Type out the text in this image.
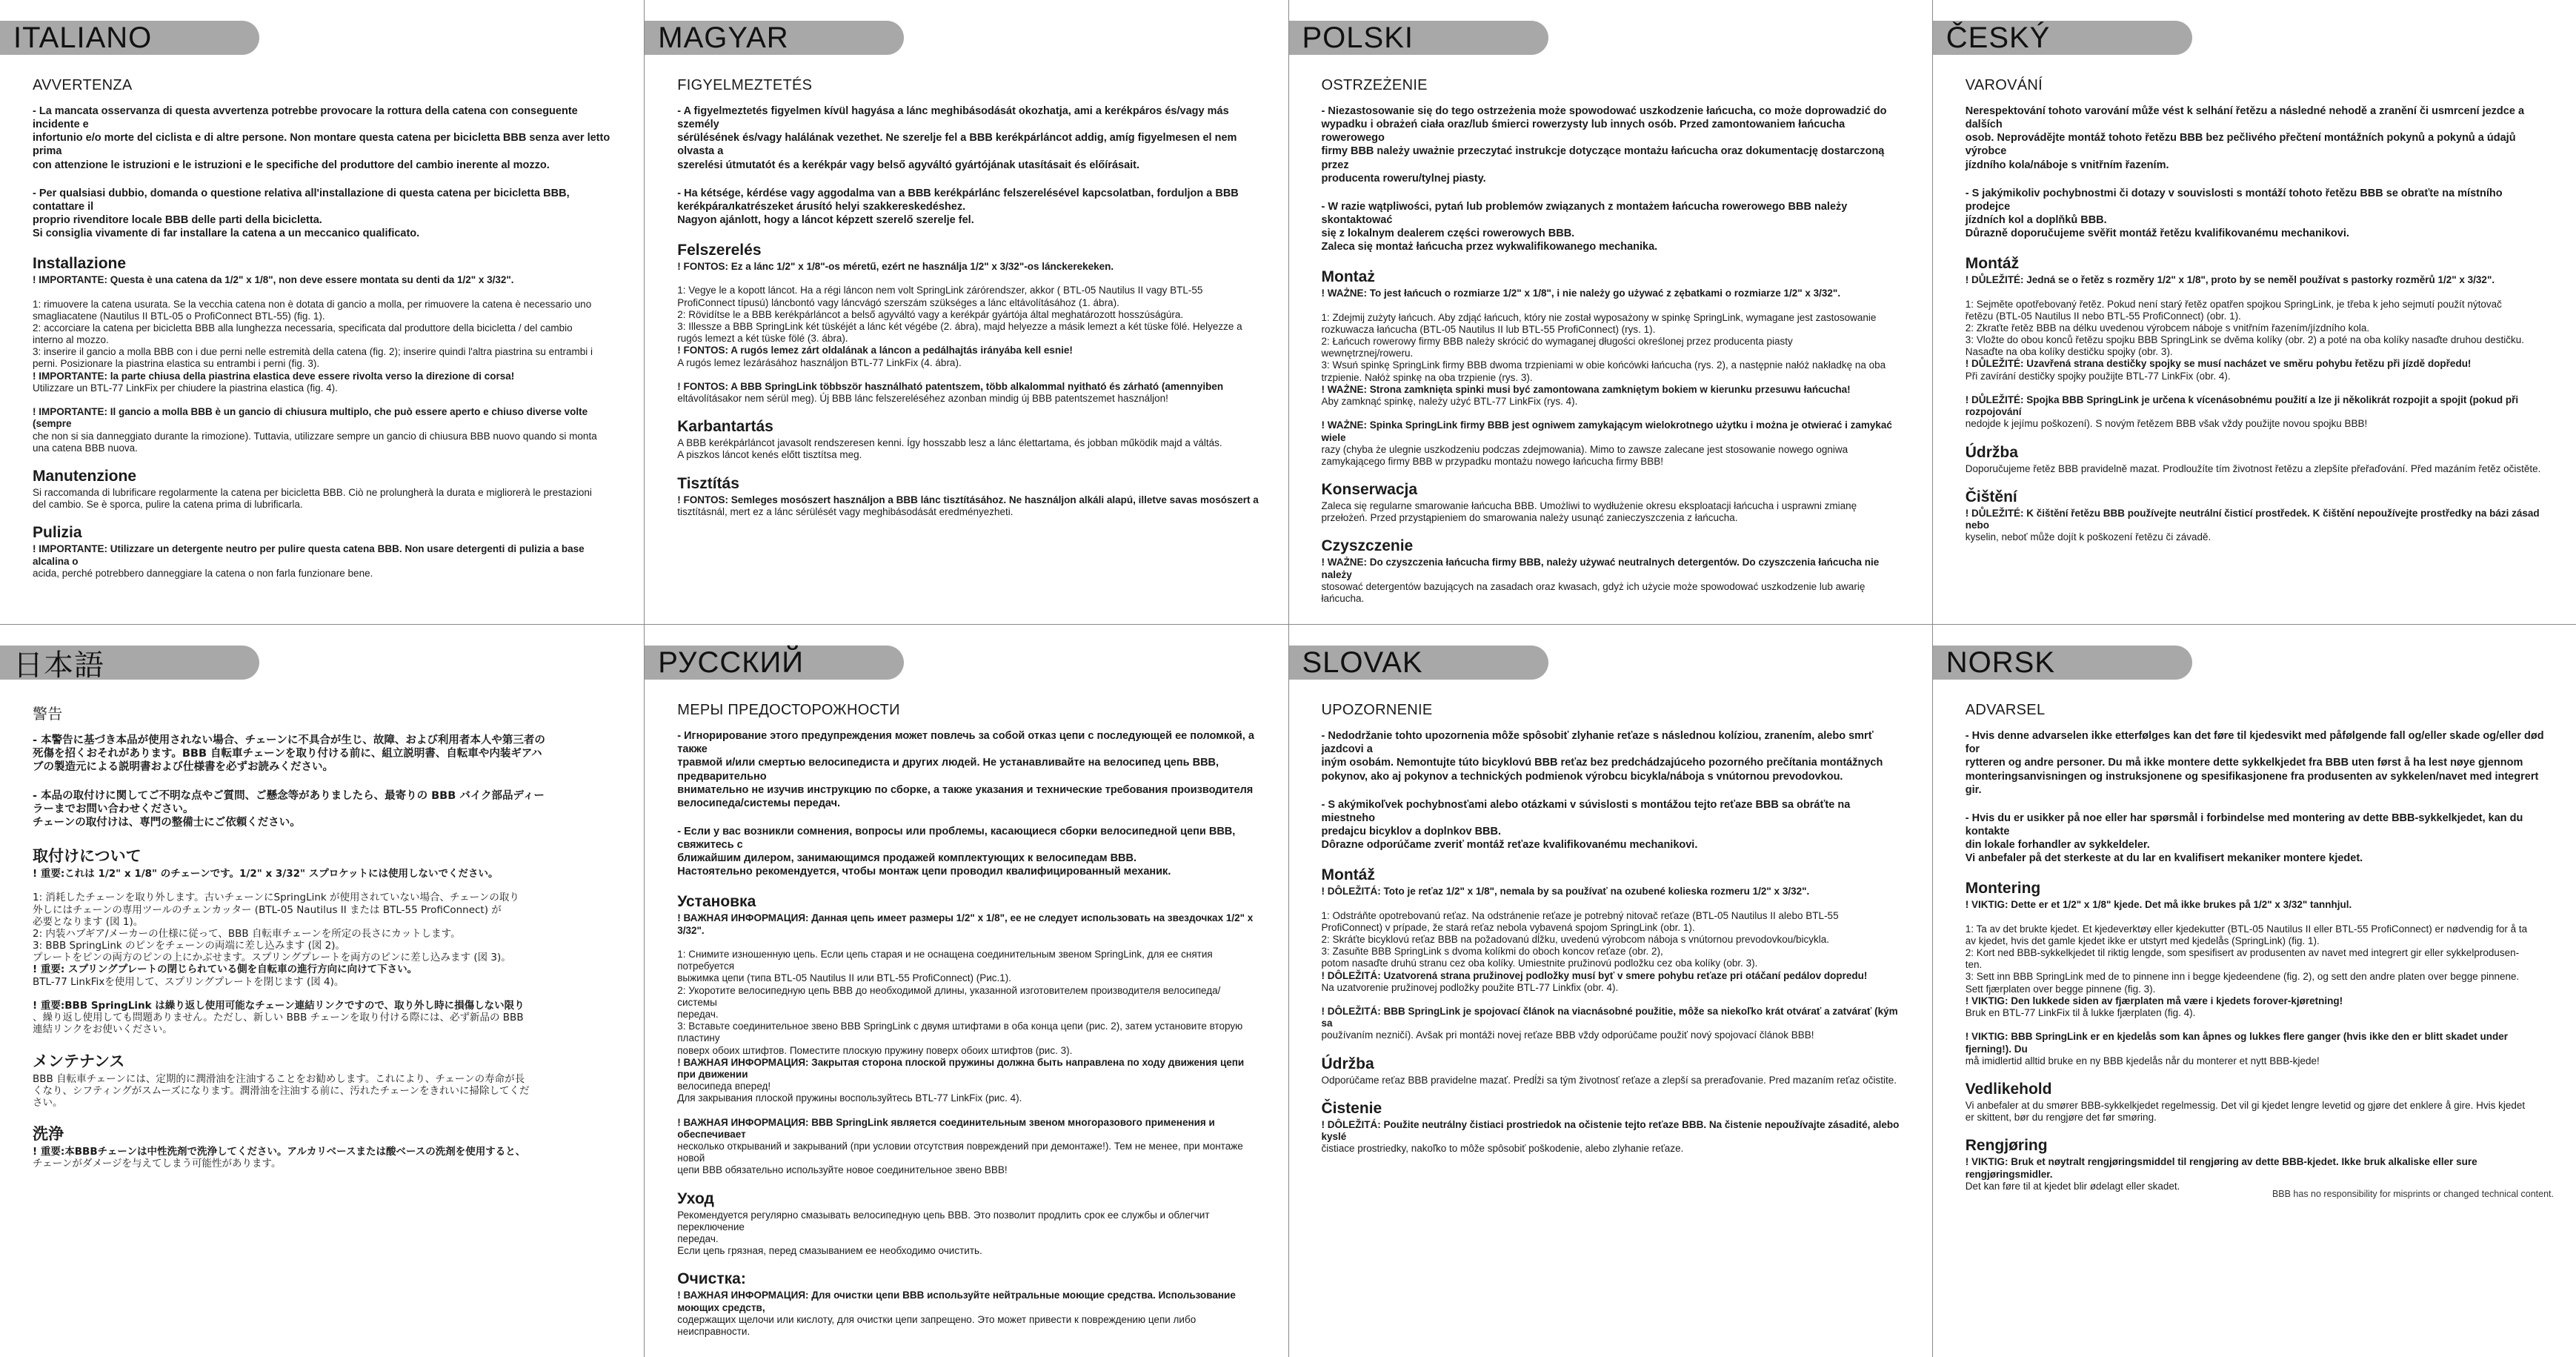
ITALIANO
AVVERTENZA
- La mancata osservanza di questa avvertenza potrebbe provocare la rottura della catena con conseguente incidente e
infortunio e/o morte del ciclista e di altre persone. Non montare questa catena per bicicletta BBB senza aver letto prima
con attenzione le istruzioni e le istruzioni e le specifiche del produttore del cambio inerente al mozzo.
- Per qualsiasi dubbio, domanda o questione relativa all'installazione di questa catena per bicicletta BBB, contattare il
proprio rivenditore locale BBB delle parti della bicicletta.
Si consiglia vivamente di far installare la catena a un meccanico qualificato.
Installazione
! IMPORTANTE: Questa è una catena da 1/2" x 1/8", non deve essere montata su denti da 1/2" x 3/32".

1: rimuovere la catena usurata. Se la vecchia catena non è dotata di gancio a molla, per rimuovere la catena è necessario uno
smagliacatene (Nautilus II BTL-05 o ProfiConnect BTL-55) (fig. 1).
2: accorciare la catena per bicicletta BBB alla lunghezza necessaria, specificata dal produttore della bicicletta / del cambio
interno al mozzo.
3: inserire il gancio a molla BBB con i due perni nelle estremità della catena (fig. 2); inserire quindi l'altra piastrina su entrambi i
perni. Posizionare la piastrina elastica su entrambi i perni (fig. 3).
! IMPORTANTE: la parte chiusa della piastrina elastica deve essere rivolta verso la direzione di corsa!
Utilizzare un BTL-77 LinkFix per chiudere la piastrina elastica (fig. 4).

! IMPORTANTE: Il gancio a molla BBB è un gancio di chiusura multiplo, che può essere aperto e chiuso diverse volte (sempre
che non si sia danneggiato durante la rimozione). Tuttavia, utilizzare sempre un gancio di chiusura BBB nuovo quando si monta
una catena BBB nuova.
Manutenzione
Si raccomanda di lubrificare regolarmente la catena per bicicletta BBB. Ciò ne prolungherà la durata e migliorerà le prestazioni
del cambio. Se è sporca, pulire la catena prima di lubrificarla.
Pulizia
! IMPORTANTE: Utilizzare un detergente neutro per pulire questa catena BBB. Non usare detergenti di pulizia a base alcalina o
acida, perché potrebbero danneggiare la catena o non farla funzionare bene.
MAGYAR
FIGYELMEZTETÉS
- A figyelmeztetés figyelmen kívül hagyása a lánc meghibásodását okozhatja, ami a kerékpáros és/vagy más személy
sérülésének és/vagy halálának vezethet. Ne szerelje fel a BBB kerékpárláncot addig, amíg figyelmesen el nem olvasta a
szerelési útmutatót és a kerékpár vagy belső agyváltó gyártójának utasításait és előírásait.
- Ha kétsége, kérdése vagy aggodalma van a BBB kerékpárlánc felszerelésével kapcsolatban, forduljon a BBB
kerékpárалkatrészeket árusító helyi szakkereskedéshez.
Nagyon ajánlott, hogy a láncot képzett szerelő szerelje fel.
Felszerelés
! FONTOS: Ez a lánc 1/2" x 1/8"-os méretű, ezért ne használja 1/2" x 3/32"-os lánckerekeken.

1: Vegye le a kopott láncot. Ha a régi láncon nem volt SpringLink zárórendszer, akkor ( BTL-05 Nautilus II vagy BTL-55
ProfiConnect típusú) láncbontó vagy láncvágó szerszám szükséges a lánc eltávolításához (1. ábra).
2: Rövidítse le a BBB kerékpárláncot a belső agyváltó vagy a kerékpár gyártója által meghatározott hosszúságúra.
3: Illessze a BBB SpringLink két tüskéjét a lánc két végébe (2. ábra), majd helyezze a másik lemezt a két tüske fölé. Helyezze a
rugós lemezt a két tüske fölé (3. ábra).
! FONTOS: A rugós lemez zárt oldalának a láncon a pedálhajtás irányába kell esnie!
A rugós lemez lezárásához használjon BTL-77 LinkFix (4. ábra).

! FONTOS: A BBB SpringLink többször használható patentszem, több alkalommal nyitható és zárható (amennyiben
eltávolításakor nem sérül meg). Új BBB lánc felszereléséhez azonban mindig új BBB patentszemet használjon!
Karbantartás
A BBB kerékpárláncot javasolt rendszeresen kenni. Így hosszabb lesz a lánc élettartama, és jobban működik majd a váltás.
A piszkos láncot kenés előtt tisztítsa meg.
Tisztítás
! FONTOS: Semleges mosószert használjon a BBB lánc tisztításához. Ne használjon alkáli alapú, illetve savas mosószert a
tisztításnál, mert ez a lánc sérülését vagy meghibásodását eredményezheti.
POLSKI
OSTRZEŻENIE
- Niezastosowanie się do tego ostrzeżenia może spowodować uszkodzenie łańcucha, co może doprowadzić do
wypadku i obrażeń ciała oraz/lub śmierci rowerzysty lub innych osób. Przed zamontowaniem łańcucha rowerowego
firmy BBB należy uważnie przeczytać instrukcje dotyczące montażu łańcucha oraz dokumentację dostarczoną przez
producenta roweru/tylnej piasty.
- W razie wątpliwości, pytań lub problemów związanych z montażem łańcucha rowerowego BBB należy skontaktować
się z lokalnym dealerem części rowerowych BBB.
Zaleca się montaż łańcucha przez wykwalifikowanego mechanika.
Montaż
! WAŻNE: To jest łańcuch o rozmiarze 1/2" x 1/8", i nie należy go używać z zębatkami o rozmiarze 1/2" x 3/32".

1: Zdejmij zużyty łańcuch. Aby zdjąć łańcuch, który nie został wyposażony w spinkę SpringLink, wymagane jest zastosowanie
rozkuwacza łańcucha (BTL-05 Nautilus II lub BTL-55 ProfiConnect) (rys. 1).
2: Łańcuch rowerowy firmy BBB należy skrócić do wymaganej długości określonej przez producenta piasty
wewnętrznej/roweru.
3: Wsuń spinkę SpringLink firmy BBB dwoma trzpieniami w obie końcówki łańcucha (rys. 2), a następnie nałóż nakładkę na oba
trzpienie. Nałóż spinkę na oba trzpienie (rys. 3).
! WAŻNE: Strona zamknięta spinki musi być zamontowana zamkniętym bokiem w kierunku przesuwu łańcucha!
Aby zamknąć spinkę, należy użyć BTL-77 LinkFix (rys. 4).

! WAŻNE: Spinka SpringLink firmy BBB jest ogniwem zamykającym wielokrotnego użytku i można je otwierać i zamykać wiele
razy (chyba że ulegnie uszkodzeniu podczas zdejmowania). Mimo to zawsze zalecane jest stosowanie nowego ogniwa
zamykającego firmy BBB w przypadku montażu nowego łańcucha firmy BBB!
Konserwacja
Zaleca się regularne smarowanie łańcucha BBB. Umożliwi to wydłużenie okresu eksploatacji łańcucha i usprawni zmianę
przełożeń. Przed przystąpieniem do smarowania należy usunąć zanieczyszczenia z łańcucha.
Czyszczenie
! WAŻNE: Do czyszczenia łańcucha firmy BBB, należy używać neutralnych detergentów. Do czyszczenia łańcucha nie należy
stosować detergentów bazujących na zasadach oraz kwasach, gdyż ich użycie może spowodować uszkodzenie lub awarię
łańcucha.
ČESKÝ
VAROVÁNÍ
Nerespektování tohoto varování může vést k selhání řetězu a následné nehodě a zranění či usmrcení jezdce a dalších
osob. Neprovádějte montáž tohoto řetězu BBB bez pečlivého přečtení montážních pokynů a pokynů a údajů výrobce
jízdního kola/náboje s vnitřním řazením.
- S jakýmikoliv pochybnostmi či dotazy v souvislosti s montáží tohoto řetězu BBB se obraťte na místního prodejce
jízdních kol a doplňků BBB.
Důrazně doporučujeme svěřit montáž řetězu kvalifikovanému mechanikovi.
Montáž
! DŮLEŽITÉ: Jedná se o řetěz s rozměry 1/2" x 1/8", proto by se neměl používat s pastorky rozměrů 1/2" x 3/32".

1: Sejměte opotřebovaný řetěz. Pokud není starý řetěz opatřen spojkou SpringLink, je třeba k jeho sejmutí použít nýtovač
řetězu (BTL-05 Nautilus II nebo BTL-55 ProfiConnect) (obr. 1).
2: Zkraťte řetěz BBB na délku uvedenou výrobcem náboje s vnitřním řazením/jízdního kola.
3: Vložte do obou konců řetězu spojku BBB SpringLink se dvěma kolíky (obr. 2) a poté na oba kolíky nasaďte druhou destičku.
Nasaďte na oba kolíky destičku spojky (obr. 3).
! DŮLEŽITÉ: Uzavřená strana destičky spojky se musí nacházet ve směru pohybu řetězu při jízdě dopředu!
Při zavírání destičky spojky použijte BTL-77 LinkFix (obr. 4).

! DŮLEŽITÉ: Spojka BBB SpringLink je určena k vícenásobnému použití a lze ji několikrát rozpojit a spojit (pokud při rozpojování
nedojde k jejímu poškození). S novým řetězem BBB však vždy použijte novou spojku BBB!
Údržba
Doporučujeme řetěz BBB pravidelně mazat. Prodloužíte tím životnost řetězu a zlepšíte přeřaďování. Před mazáním řetěz očistěte.
Čištění
! DŮLEŽITÉ: K čištění řetězu BBB používejte neutrální čisticí prostředek. K čištění nepoužívejte prostředky na bázi zásad nebo
kyselin, neboť může dojít k poškození řetězu či závadě.
日本語
警告
- 本警告に基づき本品が使用されない場合、チェーンに不具合が生じ、故障、および利用者本人や第三者の
死傷を招くおそれがあります。BBB 自転車チェーンを取り付ける前に、組立説明書、自転車や内装ギアハ
ブの製造元による説明書および仕様書を必ずお読みください。
- 本品の取付けに関してご不明な点やご質問、ご懸念等がありましたら、最寄りの BBB バイク部品ディー
ラーまでお問い合わせください。
チェーンの取付けは、専門の整備士にご依頼ください。
取付けについて
! 重要:これは 1/2" x 1/8" のチェーンです。1/2" x 3/32" スプロケットには使用しないでください。

1: 消耗したチェーンを取り外します。古いチェーンにSpringLink が使用されていない場合、チェーンの取り
外しにはチェーンの専用ツールのチェンカッター (BTL-05 Nautilus II または BTL-55 ProfiConnect) が
必要となります (図 1)。
2: 内装ハブギア/メーカーの仕様に従って、BBB 自転車チェーンを所定の長さにカットします。
3: BBB SpringLink のピンをチェーンの両端に差し込みます (図 2)。
プレートをピンの両方のピンの上にかぶせます。スプリングプレートを両方のピンに差し込みます (図 3)。
! 重要: スプリングプレートの閉じられている側を自転車の進行方向に向けて下さい。
BTL-77 LinkFixを使用して、スプリングプレートを閉じます (図 4)。

! 重要:BBB SpringLink は繰り返し使用可能なチェーン連結リンクですので、取り外し時に損傷しない限り
、繰り返し使用しても問題ありません。ただし、新しい BBB チェーンを取り付ける際には、必ず新品の BBB
連結リンクをお使いください。
メンテナンス
BBB 自転車チェーンには、定期的に潤滑油を注油することをお勧めします。これにより、チェーンの寿命が長
くなり、シフティングがスムーズになります。潤滑油を注油する前に、汚れたチェーンをきれいに掃除してくだ
さい。
洗浄
! 重要:本BBBチェーンは中性洗剤で洗浄してください。アルカリベースまたは酸ベースの洗剤を使用すると、
チェーンがダメージを与えてしまう可能性があります。
РУССКИЙ
МЕРЫ ПРЕДОСТОРОЖНОСТИ
- Игнорирование этого предупреждения может повлечь за собой отказ цепи с последующей ее поломкой, а также
травмой и/или смертью велосипедиста и других людей. Не устанавливайте на велосипед цепь BBB, предварительно
внимательно не изучив инструкцию по сборке, а также указания и технические требования производителя
велосипеда/системы передач.
- Если у вас возникли сомнения, вопросы или проблемы, касающиеся сборки велосипедной цепи BBB, свяжитесь с
ближайшим дилером, занимающимся продажей комплектующих к велосипедам BBB.
Настоятельно рекомендуется, чтобы монтаж цепи проводил квалифицированный механик.
Установка
! ВАЖНАЯ ИНФОРМАЦИЯ: Данная цепь имеет размеры 1/2" x 1/8", ее не следует использовать на звездочках 1/2" x 3/32".

1: Снимите изношенную цепь. Если цепь старая и не оснащена соединительным звеном SpringLink, для ее снятия потребуется
выжимка цепи (типа BTL-05 Nautilus II или BTL-55 ProfiConnect) (Рис.1).
2: Укоротите велосипедную цепь BBB до необходимой длины, указанной изготовителем производителя велосипеда/системы
передач.
3: Вставьте соединительное звено BBB SpringLink с двумя штифтами в оба конца цепи (рис. 2), затем установите вторую пластину
поверх обоих штифтов. Поместите плоскую пружину поверх обоих штифтов (рис. 3).
! ВАЖНАЯ ИНФОРМАЦИЯ: Закрытая сторона плоской пружины должна быть направлена по ходу движения цепи при движении
велосипеда вперед!
Для закрывания плоской пружины воспользуйтесь BTL-77 LinkFix (рис. 4).

! ВАЖНАЯ ИНФОРМАЦИЯ: BBB SpringLink является соединительным звеном многоразового применения и обеспечивает
несколько открываний и закрываний (при условии отсутствия повреждений при демонтаже!). Тем не менее, при монтаже новой
цепи BBB обязательно используйте новое соединительное звено BBB!
Уход
Рекомендуется регулярно смазывать велосипедную цепь BBB. Это позволит продлить срок ее службы и облегчит переключение
передач.
Если цепь грязная, перед смазыванием ее необходимо очистить.
Очистка:
! ВАЖНАЯ ИНФОРМАЦИЯ: Для очистки цепи BBB используйте нейтральные моющие средства. Использование моющих средств,
содержащих щелочи или кислоту, для очистки цепи запрещено. Это может привести к повреждению цепи либо неисправности.
SLOVAK
UPOZORNENIE
- Nedodržanie tohto upozornenia môže spôsobiť zlyhanie reťaze s následnou kolíziou, zranením, alebo smrť jazdcovi a
iným osobám. Nemontujte túto bicyklovú BBB reťaz bez predchádzajúceho pozorného prečítania montážnych
pokynov, ako aj pokynov a technických podmienok výrobcu bicykla/náboja s vnútornou prevodovkou.
- S akýmikoľvek pochybnosťami alebo otázkami v súvislosti s montážou tejto reťaze BBB sa obráťte na miestneho
predajcu bicyklov a doplnkov BBB.
Dôrazne odporúčame zveriť montáž reťaze kvalifikovanému mechanikovi.
Montáž
! DÔLEŽITÁ: Toto je reťaz 1/2" x 1/8", nemala by sa používať na ozubené kolieska rozmeru 1/2" x 3/32".

1: Odstráňte opotrebovanú reťaz. Na odstránenie reťaze je potrebný nitovač reťaze (BTL-05 Nautilus II alebo BTL-55
ProfiConnect) v prípade, že stará reťaz nebola vybavená spojom SpringLink (obr. 1).
2: Skráťte bicyklovú reťaz BBB na požadovanú dĺžku, uvedenú výrobcom náboja s vnútornou prevodovkou/bicykla.
3: Zasuňte BBB SpringLink s dvoma kolíkmi do oboch koncov reťaze (obr. 2),
potom nasaďte druhú stranu cez oba kolíky. Umiestnite pružinovú podložku cez oba kolíky (obr. 3).
! DÔLEŽITÁ: Uzatvorená strana pružinovej podložky musí byť v smere pohybu reťaze pri otáčaní pedálov dopredu!
Na uzatvorenie pružinovej podložky použite BTL-77 Linkfix (obr. 4).

! DÔLEŽITÁ: BBB SpringLink je spojovací článok na viacnásobné použitie, môže sa niekoľko krát otvárať a zatvárať (kým sa
používaním nezničí). Avšak pri montáži novej reťaze BBB vždy odporúčame použiť nový spojovací článok BBB!
Údržba
Odporúčame reťaz BBB pravidelne mazať. Predĺži sa tým životnosť reťaze a zlepší sa preraďovanie. Pred mazaním reťaz očistite.
Čistenie
! DÔLEŽITÁ: Použite neutrálny čistiaci prostriedok na očistenie tejto reťaze BBB. Na čistenie nepoužívajte zásadité, alebo kyslé
čistiace prostriedky, nakoľko to môže spôsobiť poškodenie, alebo zlyhanie reťaze.
NORSK
ADVARSEL
- Hvis denne advarselen ikke etterfølges kan det føre til kjedesvikt med påfølgende fall og/eller skade og/eller død for
rytteren og andre personer. Du må ikke montere dette sykkelkjedet fra BBB uten først å ha lest nøye gjennom
monteringsanvisningen og instruksjonene og spesifikasjonene fra produsenten av sykkelen/navet med integrert gir.
- Hvis du er usikker på noe eller har spørsmål i forbindelse med montering av dette BBB-sykkelkjedet, kan du kontakte
din lokale forhandler av sykkeldeler.
Vi anbefaler på det sterkeste at du lar en kvalifisert mekaniker montere kjedet.
Montering
! VIKTIG: Dette er et 1/2" x 1/8" kjede. Det må ikke brukes på 1/2" x 3/32" tannhjul.

1: Ta av det brukte kjedet. Et kjedeverktøy eller kjedekutter (BTL-05 Nautilus II eller BTL-55 ProfiConnect) er nødvendig for å ta
av kjedet, hvis det gamle kjedet ikke er utstyrt med kjedelås (SpringLink) (fig. 1).
2: Kort ned BBB-sykkelkjedet til riktig lengde, som spesifisert av produsenten av navet med integrert gir eller sykkelprodusen-
ten.
3: Sett inn BBB SpringLink med de to pinnene inn i begge kjedeendene (fig. 2), og sett den andre platen over begge pinnene.
Sett fjærplaten over begge pinnene (fig. 3).
! VIKTIG: Den lukkede siden av fjærplaten må være i kjedets forover-kjøretning!
Bruk en BTL-77 LinkFix til å lukke fjærplaten (fig. 4).

! VIKTIG: BBB SpringLink er en kjedelås som kan åpnes og lukkes flere ganger (hvis ikke den er blitt skadet under fjerning!). Du
må imidlertid alltid bruke en ny BBB kjedelås når du monterer et nytt BBB-kjede!
Vedlikehold
Vi anbefaler at du smører BBB-sykkelkjedet regelmessig. Det vil gi kjedet lengre levetid og gjøre det enklere å gire. Hvis kjedet
er skittent, bør du rengjøre det før smøring.
Rengjøring
! VIKTIG: Bruk et nøytralt rengjøringsmiddel til rengjøring av dette BBB-kjedet. Ikke bruk alkaliske eller sure rengjøringsmidler.
Det kan føre til at kjedet blir ødelagt eller skadet.
BBB has no responsibility for misprints or changed technical content.
